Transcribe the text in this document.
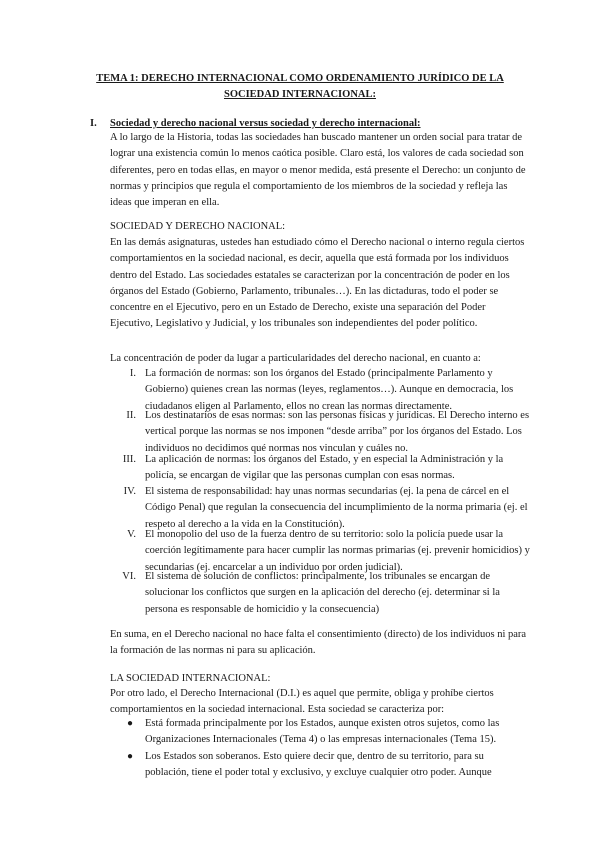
TEMA 1: DERECHO INTERNACIONAL COMO ORDENAMIENTO JURÍDICO DE LA
SOCIEDAD INTERNACIONAL:
I. Sociedad y derecho nacional versus sociedad y derecho internacional:
A lo largo de la Historia, todas las sociedades han buscado mantener un orden social para tratar de lograr una existencia común lo menos caótica posible. Claro está, los valores de cada sociedad son diferentes, pero en todas ellas, en mayor o menor medida, está presente el Derecho: un conjunto de normas y principios que regula el comportamiento de los miembros de la sociedad y refleja las ideas que imperan en ella.
SOCIEDAD Y DERECHO NACIONAL:
En las demás asignaturas, ustedes han estudiado cómo el Derecho nacional o interno regula ciertos comportamientos en la sociedad nacional, es decir, aquella que está formada por los individuos dentro del Estado. Las sociedades estatales se caracterizan por la concentración de poder en los órganos del Estado (Gobierno, Parlamento, tribunales…). En las dictaduras, todo el poder se concentre en el Ejecutivo, pero en un Estado de Derecho, existe una separación del Poder Ejecutivo, Legislativo y Judicial, y los tribunales son independientes del poder político.
La concentración de poder da lugar a particularidades del derecho nacional, en cuanto a:
I. La formación de normas: son los órganos del Estado (principalmente Parlamento y Gobierno) quienes crean las normas (leyes, reglamentos…). Aunque en democracia, los ciudadanos eligen al Parlamento, ellos no crean las normas directamente.
II. Los destinatarios de esas normas: son las personas físicas y jurídicas. El Derecho interno es vertical porque las normas se nos imponen “desde arriba” por los órganos del Estado. Los individuos no decidimos qué normas nos vinculan y cuáles no.
III. La aplicación de normas: los órganos del Estado, y en especial la Administración y la policía, se encargan de vigilar que las personas cumplan con esas normas.
IV. El sistema de responsabilidad: hay unas normas secundarias (ej. la pena de cárcel en el Código Penal) que regulan la consecuencia del incumplimiento de la norma primaria (ej. el respeto al derecho a la vida en la Constitución).
V. El monopolio del uso de la fuerza dentro de su territorio: solo la policía puede usar la coerción legítimamente para hacer cumplir las normas primarias (ej. prevenir homicidios) y secundarias (ej. encarcelar a un individuo por orden judicial).
VI. El sistema de solución de conflictos: principalmente, los tribunales se encargan de solucionar los conflictos que surgen en la aplicación del derecho (ej. determinar si la persona es responsable de homicidio y la consecuencia)
En suma, en el Derecho nacional no hace falta el consentimiento (directo) de los individuos ni para la formación de las normas ni para su aplicación.
LA SOCIEDAD INTERNACIONAL:
Por otro lado, el Derecho Internacional (D.I.) es aquel que permite, obliga y prohíbe ciertos comportamientos en la sociedad internacional. Esta sociedad se caracteriza por:
● Está formada principalmente por los Estados, aunque existen otros sujetos, como las Organizaciones Internacionales (Tema 4) o las empresas internacionales (Tema 15).
● Los Estados son soberanos. Esto quiere decir que, dentro de su territorio, para su población, tiene el poder total y exclusivo, y excluye cualquier otro poder. Aunque
